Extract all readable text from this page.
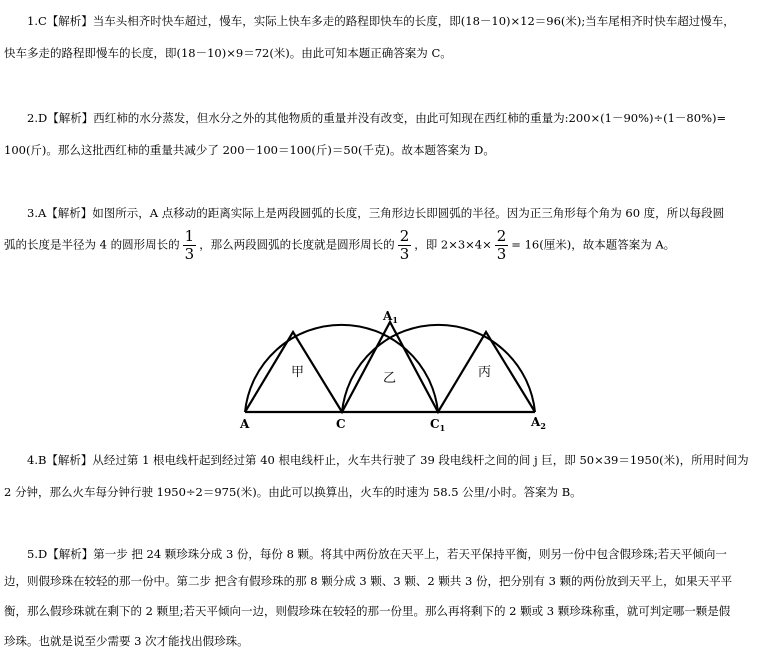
1.C【解析】当车头相齐时快车超过，慢车，实际上快车多走的路程即快车的长度，即(18－10)×12＝96(米);当车尾相齐时快车超过慢车，
快车多走的路程即慢车的长度，即(18－10)×9＝72(米)。由此可知本题正确答案为 C。
2.D【解析】西红柿的水分蒸发，但水分之外的其他物质的重量并没有改变，由此可知现在西红柿的重量为:200×(1－90%)÷(1－80%)=
100(斤)。那么这批西红柿的重量共减少了 200－100＝100(斤)＝50(千克)。故本题答案为 D。
3.A【解析】如图所示，A 点移动的距离实际上是两段圆弧的长度，三角形边长即圆弧的半径。因为正三角形每个角为 60 度，所以每段圆
弧的长度是半径为 4 的圆形周长的 $\frac{1}{3}$ ，那么两段圆弧的长度就是圆形周长的 $\frac{2}{3}$ ，即 $2\times 3\times 4\times \frac{2}{3} = 16$(厘米)，故本题答案为 A。
甲	乙	丙
A	C	$C_1$
$A_1$
$A_2$
4.B【解析】从经过第 1 根电线杆起到经过第 40 根电线杆止，火车共行驶了 39 段电线杆之间的间 j 巨，即 50×39＝1950(米)，所用时间为
2 分钟，那么火车每分钟行驶 1950÷2＝975(米)。由此可以换算出，火车的时速为 58.5 公里/小时。答案为 B。
5.D【解析】第一步 把 24 颗珍珠分成 3 份，每份 8 颗。将其中两份放在天平上，若天平保持平衡，则另一份中包含假珍珠;若天平倾向一
边，则假珍珠在较轻的那一份中。第二步 把含有假珍珠的那 8 颗分成 3 颗、3 颗、2 颗共 3 份，把分别有 3 颗的两份放到天平上，如果天平平
衡，那么假珍珠就在剩下的 2 颗里;若天平倾向一边，则假珍珠在较轻的那一份里。那么再将剩下的 2 颗或 3 颗珍珠称重，就可判定哪一颗是假
珍珠。也就是说至少需要 3 次才能找出假珍珠。
